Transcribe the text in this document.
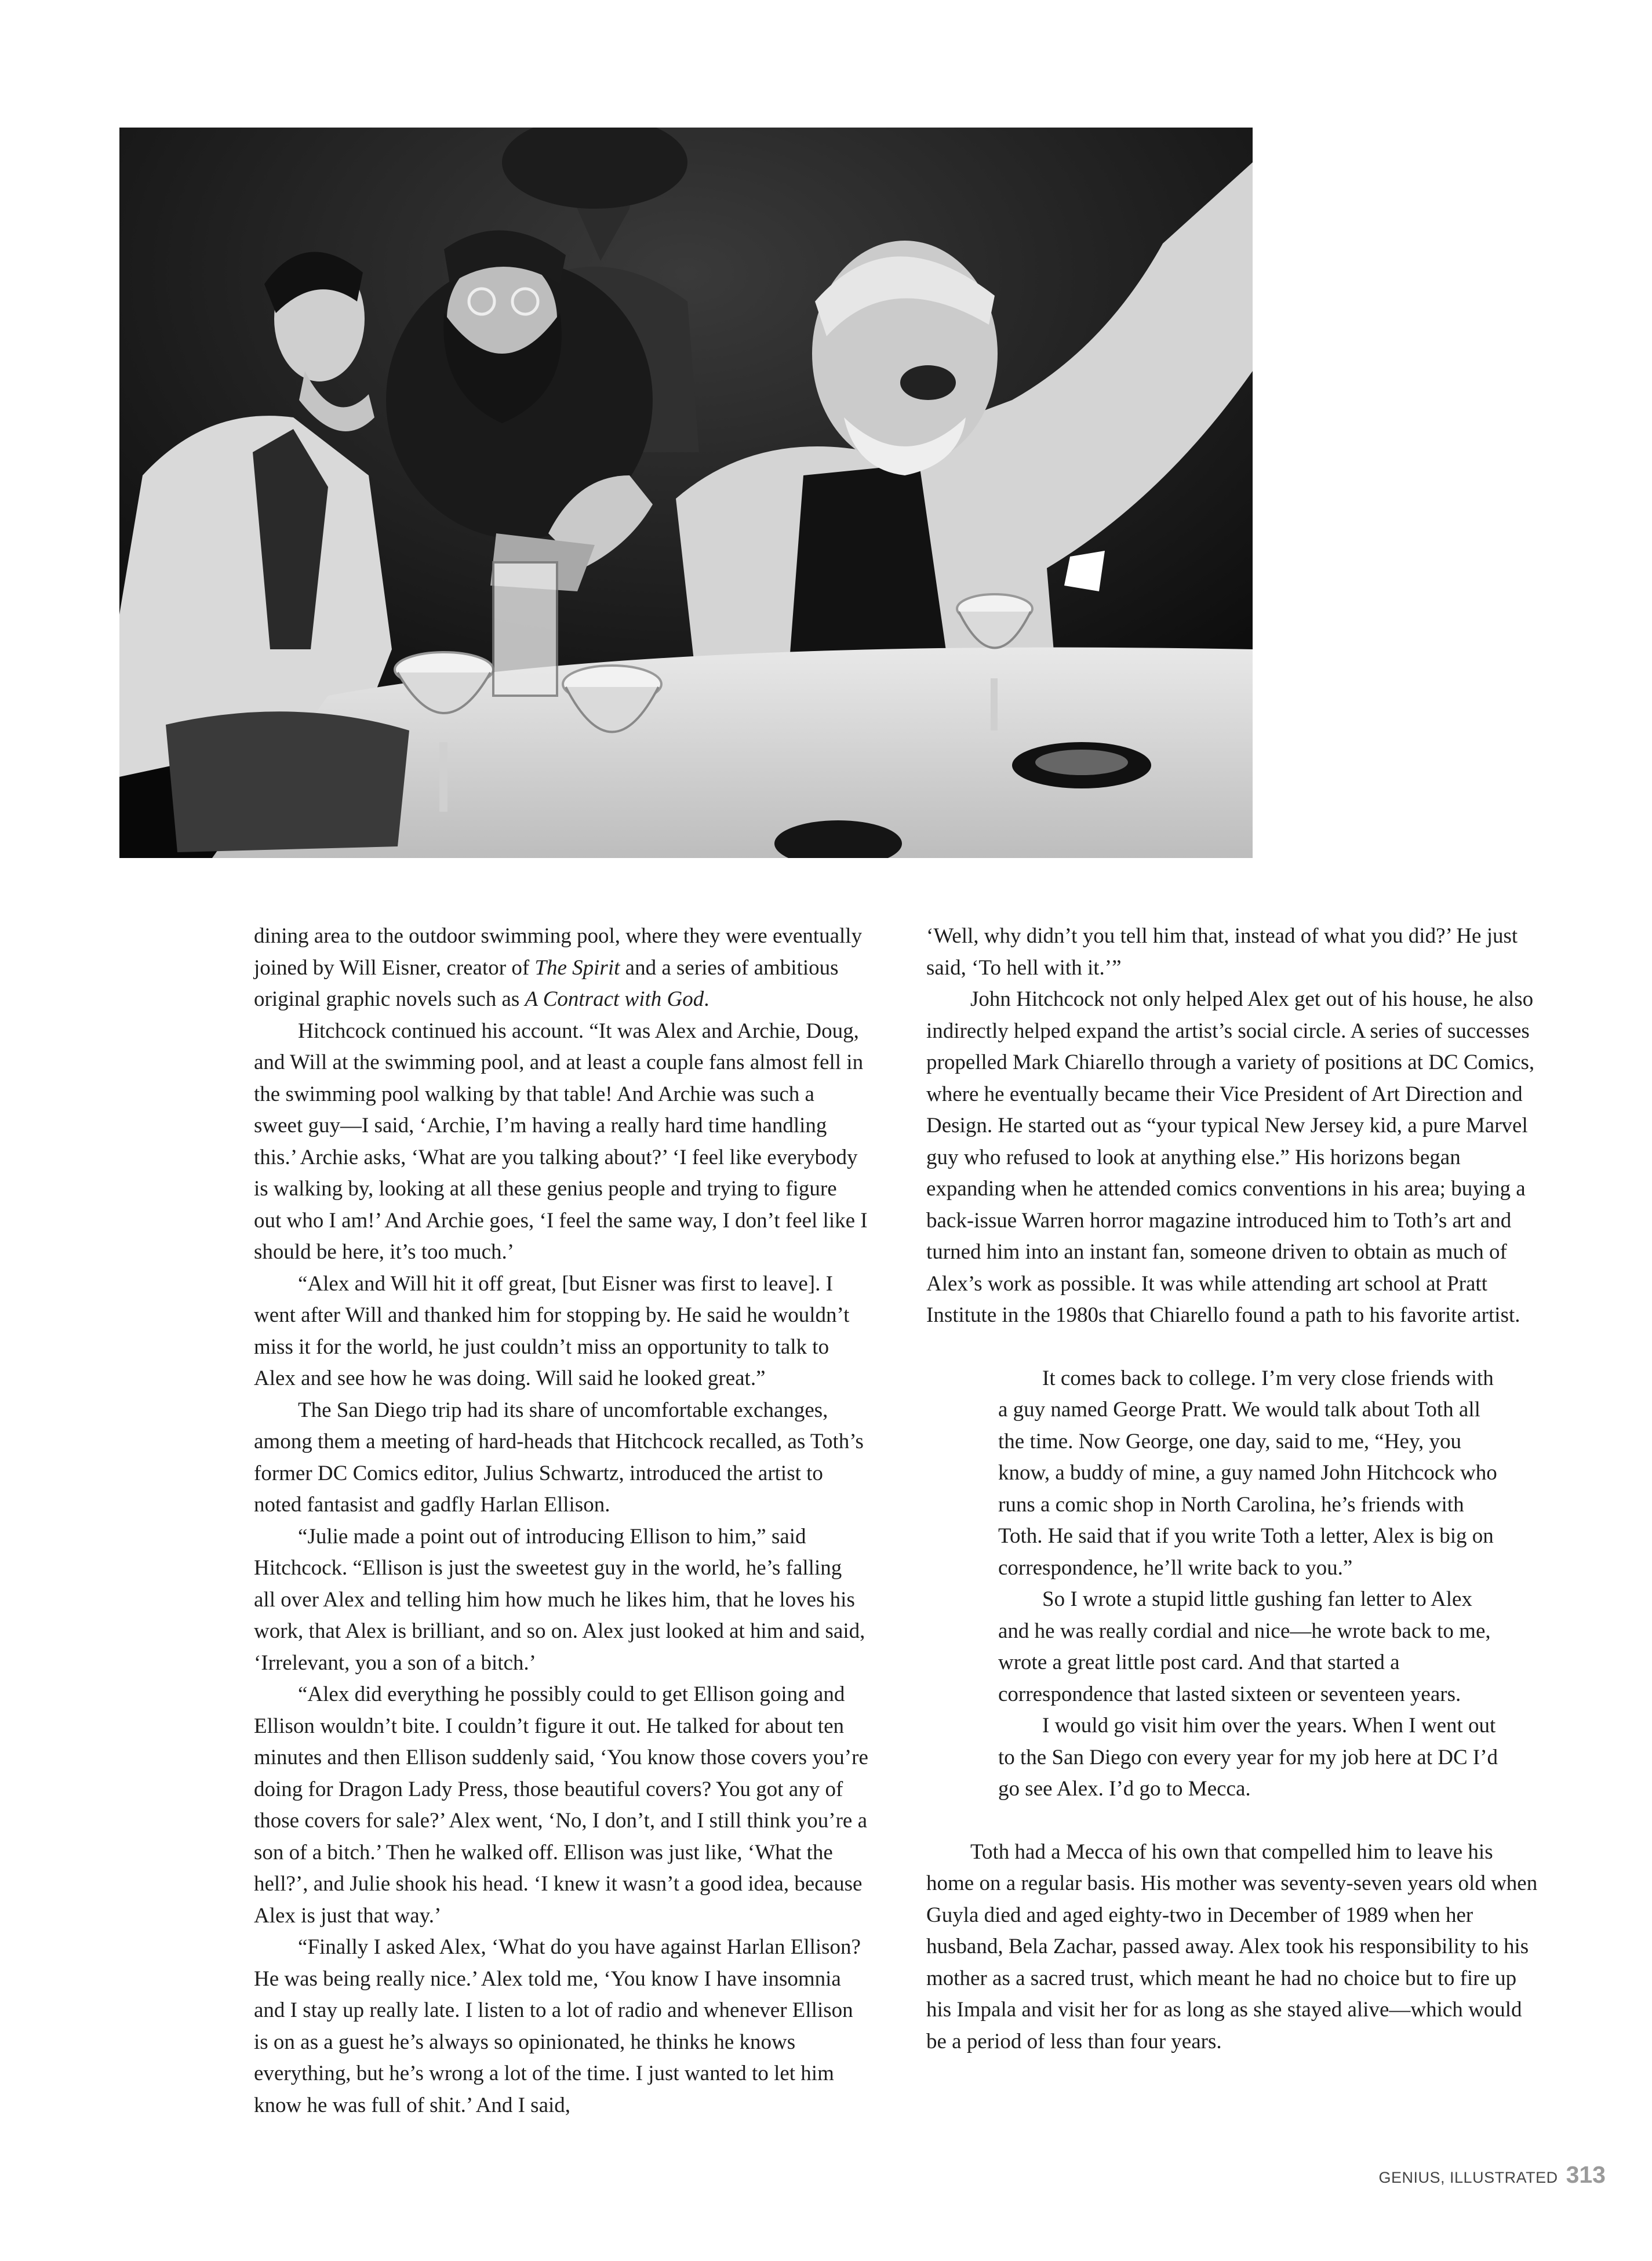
dining area to the outdoor swimming pool, where they were eventually joined by Will Eisner, creator of The Spirit and a series of ambitious original graphic novels such as A Contract with God.

Hitchcock continued his account. “It was Alex and Archie, Doug, and Will at the swimming pool, and at least a couple fans almost fell in the swimming pool walking by that table! And Archie was such a sweet guy—I said, ‘Archie, I’m having a really hard time handling this.’ Archie asks, ‘What are you talking about?’ ‘I feel like everybody is walking by, looking at all these genius people and trying to figure out who I am!’ And Archie goes, ‘I feel the same way, I don’t feel like I should be here, it’s too much.’

“Alex and Will hit it off great, [but Eisner was first to leave]. I went after Will and thanked him for stopping by. He said he wouldn’t miss it for the world, he just couldn’t miss an opportunity to talk to Alex and see how he was doing. Will said he looked great.”

The San Diego trip had its share of uncomfortable exchanges, among them a meeting of hard-heads that Hitchcock recalled, as Toth’s former DC Comics editor, Julius Schwartz, introduced the artist to noted fantasist and gadfly Harlan Ellison.

“Julie made a point out of introducing Ellison to him,” said Hitchcock. “Ellison is just the sweetest guy in the world, he’s falling all over Alex and telling him how much he likes him, that he loves his work, that Alex is brilliant, and so on. Alex just looked at him and said, ‘Irrelevant, you a son of a bitch.’

“Alex did everything he possibly could to get Ellison going and Ellison wouldn’t bite. I couldn’t figure it out. He talked for about ten minutes and then Ellison suddenly said, ‘You know those covers you’re doing for Dragon Lady Press, those beautiful covers? You got any of those covers for sale?’ Alex went, ‘No, I don’t, and I still think you’re a son of a bitch.’ Then he walked off. Ellison was just like, ‘What the hell?’, and Julie shook his head. ‘I knew it wasn’t a good idea, because Alex is just that way.’

“Finally I asked Alex, ‘What do you have against Harlan Ellison? He was being really nice.’ Alex told me, ‘You know I have insomnia and I stay up really late. I listen to a lot of radio and whenever Ellison is on as a guest he’s always so opinionated, he thinks he knows everything, but he’s wrong a lot of the time. I just wanted to let him know he was full of shit.’ And I said,

‘Well, why didn’t you tell him that, instead of what you did?’ He just said, ‘To hell with it.’”

John Hitchcock not only helped Alex get out of his house, he also indirectly helped expand the artist’s social circle. A series of successes propelled Mark Chiarello through a variety of positions at DC Comics, where he eventually became their Vice President of Art Direction and Design. He started out as “your typical New Jersey kid, a pure Marvel guy who refused to look at anything else.” His horizons began expanding when he attended comics conventions in his area; buying a back-issue Warren horror magazine introduced him to Toth’s art and turned him into an instant fan, someone driven to obtain as much of Alex’s work as possible. It was while attending art school at Pratt Institute in the 1980s that Chiarello found a path to his favorite artist.

It comes back to college. I’m very close friends with a guy named George Pratt. We would talk about Toth all the time. Now George, one day, said to me, “Hey, you know, a buddy of mine, a guy named John Hitchcock who runs a comic shop in North Carolina, he’s friends with Toth. He said that if you write Toth a letter, Alex is big on correspondence, he’ll write back to you.”

So I wrote a stupid little gushing fan letter to Alex and he was really cordial and nice—he wrote back to me, wrote a great little post card. And that started a correspondence that lasted sixteen or seventeen years.

I would go visit him over the years. When I went out to the San Diego con every year for my job here at DC I’d go see Alex. I’d go to Mecca.

Toth had a Mecca of his own that compelled him to leave his home on a regular basis. His mother was seventy-seven years old when Guyla died and aged eighty-two in December of 1989 when her husband, Bela Zachar, passed away. Alex took his responsibility to his mother as a sacred trust, which meant he had no choice but to fire up his Impala and visit her for as long as she stayed alive—which would be a period of less than four years.

GENIUS, ILLUSTRATED 313
